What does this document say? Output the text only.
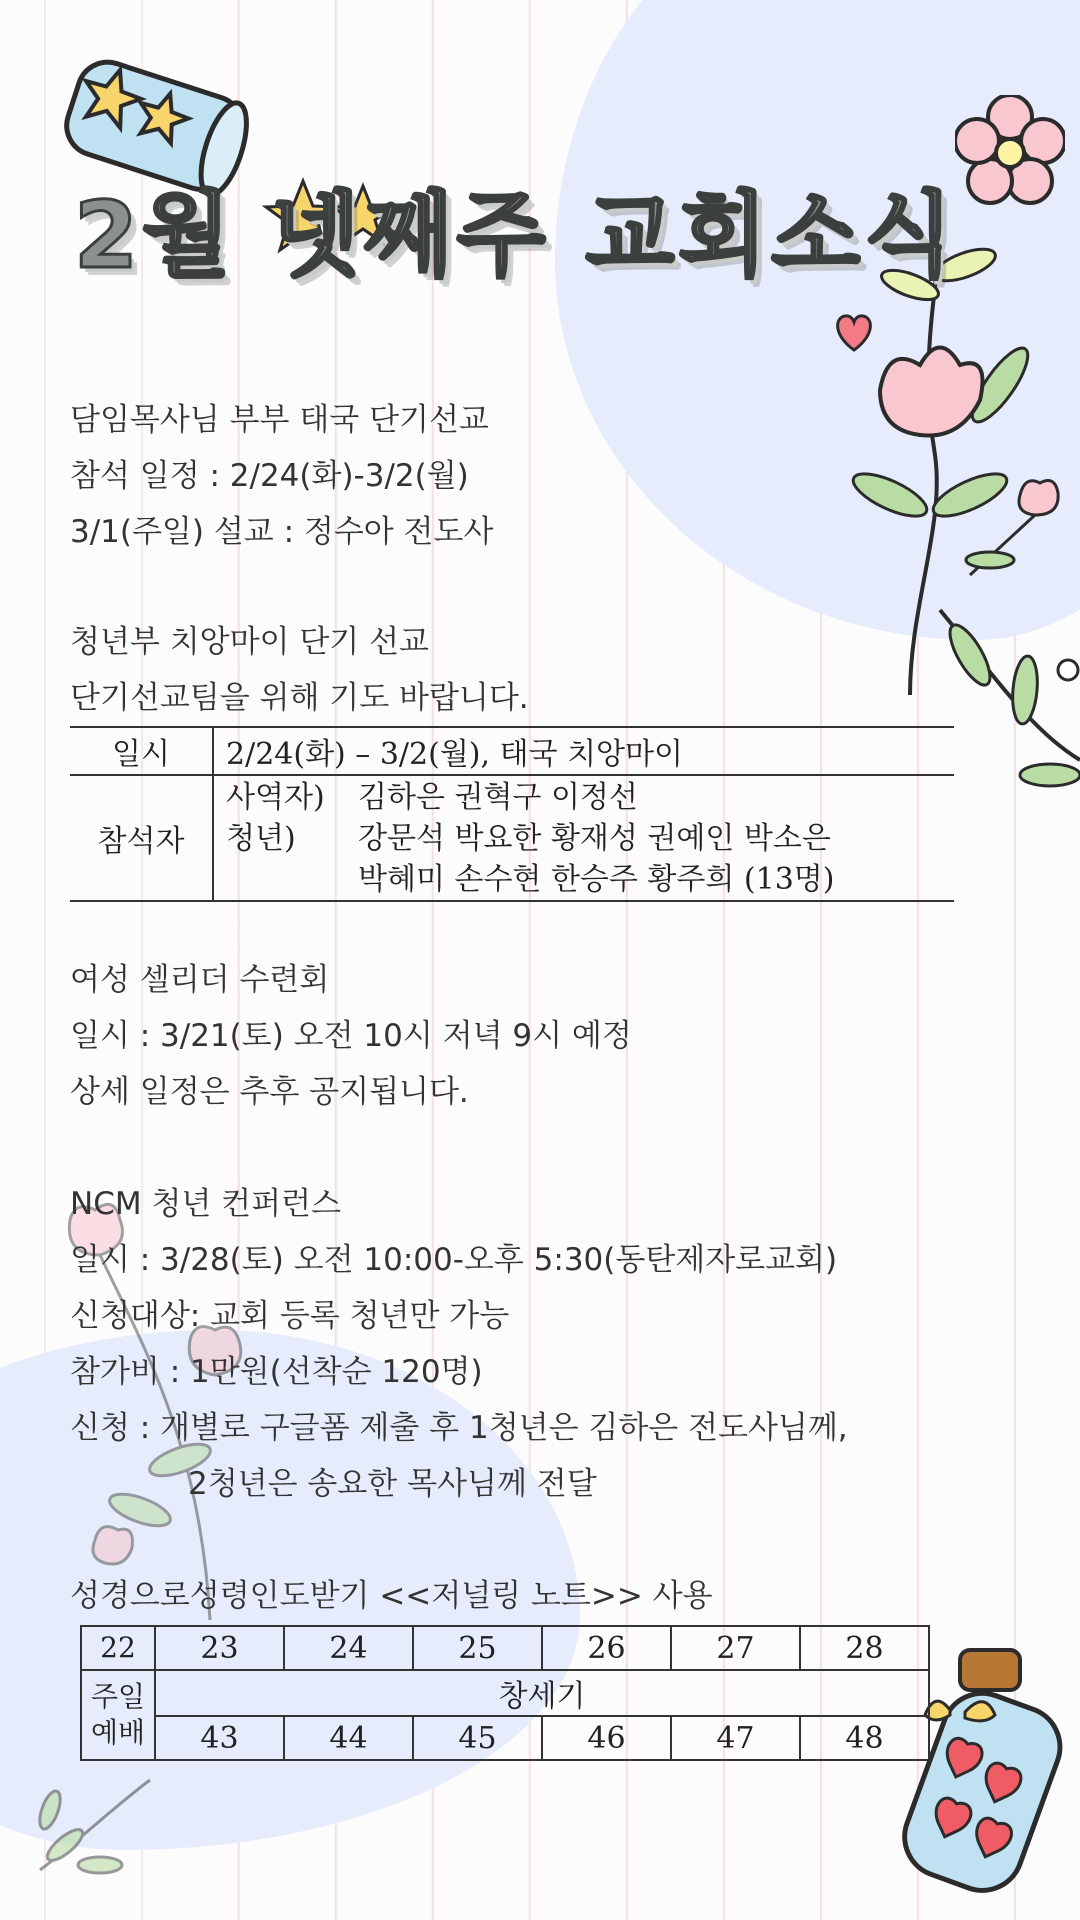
2월 넷째주 교회소식
담임목사님 부부 태국 단기선교
참석 일정 : 2/24(화)-3/2(월)
3/1(주일) 설교 : 정수아 전도사
청년부 치앙마이 단기 선교
단기선교팀을 위해 기도 바랍니다.
일시	2/24(화) – 3/2(월), 태국 치앙마이
참석자	사역자) 김하은 권혁구 이정선
청년) 강문석 박요한 황재성 권예인 박소은
박혜미 손수현 한승주 황주희 (13명)
여성 셀리더 수련회
일시 : 3/21(토) 오전 10시 저녁 9시 예정
상세 일정은 추후 공지됩니다.
NCM 청년 컨퍼런스
일시 : 3/28(토) 오전 10:00-오후 5:30(동탄제자로교회)
신청대상: 교회 등록 청년만 가능
참가비 : 1만원(선착순 120명)
신청 : 개별로 구글폼 제출 후 1청년은 김하은 전도사님께,
2청년은 송요한 목사님께 전달
성경으로성령인도받기 <<저널링 노트>> 사용
22	23	24	25	26	27	28
주일
예배	창세기					
	43	44	45	46	47	48
